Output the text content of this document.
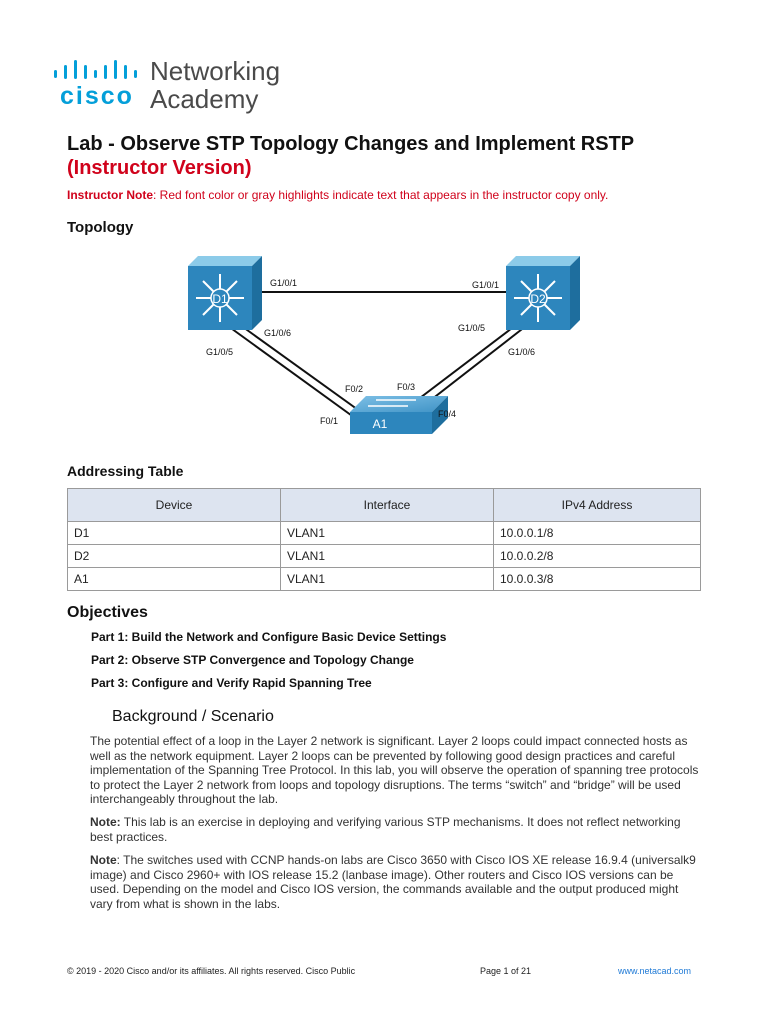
cisco
Networking
Academy
Lab - Observe STP Topology Changes and Implement RSTP
(Instructor Version)
Instructor Note: Red font color or gray highlights indicate text that appears in the instructor copy only.
Topology
D1	D2
A1
G1/0/1	G1/0/1
G1/0/6
G1/0/5
G1/0/5
G1/0/6
F0/2
F0/1
F0/3
F0/4
Addressing Table
Device	Interface	IPv4 Address
D1	VLAN1	10.0.0.1/8
D2	VLAN1	10.0.0.2/8
A1	VLAN1	10.0.0.3/8
Objectives
Part 1: Build the Network and Configure Basic Device Settings
Part 2: Observe STP Convergence and Topology Change
Part 3: Configure and Verify Rapid Spanning Tree
Background / Scenario
The potential effect of a loop in the Layer 2 network is significant. Layer 2 loops could impact connected hosts as well as the network equipment. Layer 2 loops can be prevented by following good design practices and careful implementation of the Spanning Tree Protocol. In this lab, you will observe the operation of spanning tree protocols to protect the Layer 2 network from loops and topology disruptions. The terms “switch” and “bridge” will be used interchangeably throughout the lab.
Note: This lab is an exercise in deploying and verifying various STP mechanisms. It does not reflect networking best practices.
Note: The switches used with CCNP hands-on labs are Cisco 3650 with Cisco IOS XE release 16.9.4 (universalk9 image) and Cisco 2960+ with IOS release 15.2 (lanbase image). Other routers and Cisco IOS versions can be used. Depending on the model and Cisco IOS version, the commands available and the output produced might vary from what is shown in the labs.
© 2019 - 2020 Cisco and/or its affiliates. All rights reserved. Cisco Public	Page 1 of 21	www.netacad.com
